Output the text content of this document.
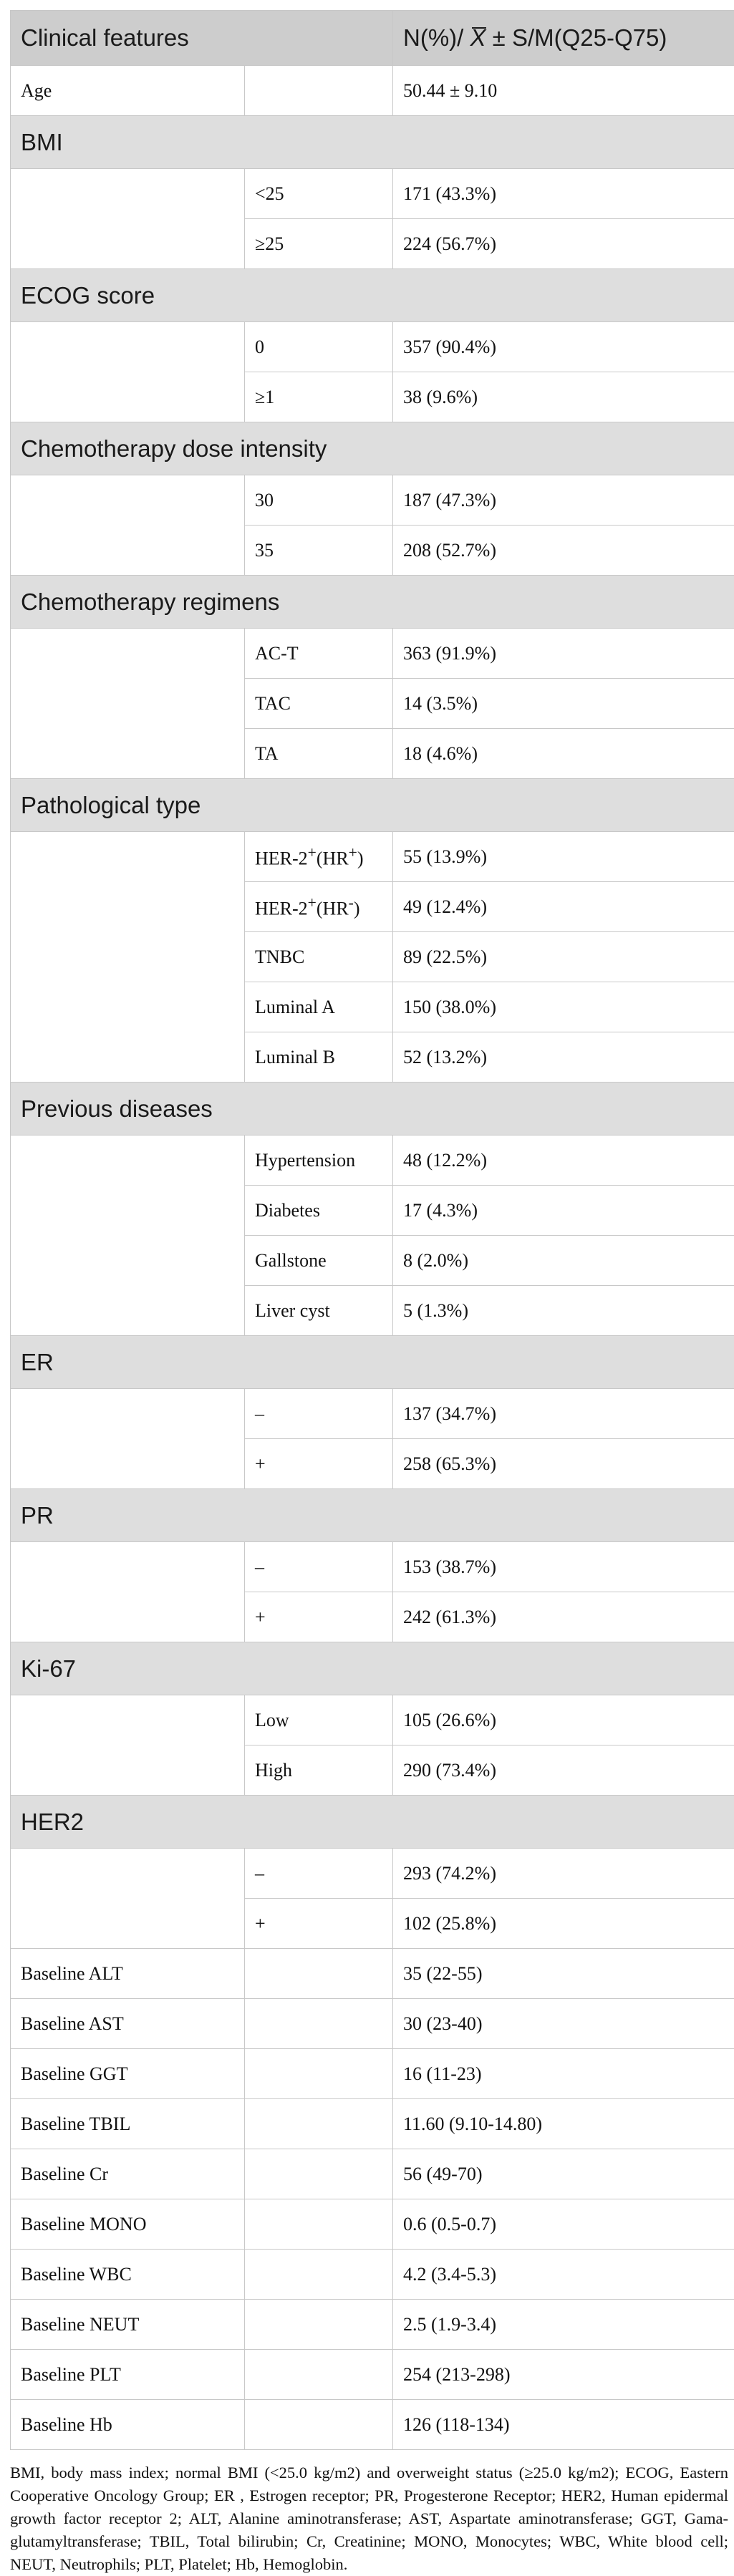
Clinical features		N(%)/ X ± S/M(Q25-Q75)
Age		50.44 ± 9.10
BMI		
	<25	171 (43.3%)
	≥25	224 (56.7%)
ECOG score		
	0	357 (90.4%)
	≥1	38 (9.6%)
Chemotherapy dose intensity		
	30	187 (47.3%)
	35	208 (52.7%)
Chemotherapy regimens		
	AC-T	363 (91.9%)
	TAC	14 (3.5%)
	TA	18 (4.6%)
Pathological type		
	HER-2+(HR+)	55 (13.9%)
	HER-2+(HR-)	49 (12.4%)
	TNBC	89 (22.5%)
	Luminal A	150 (38.0%)
	Luminal B	52 (13.2%)
Previous diseases		
	Hypertension	48 (12.2%)
	Diabetes	17 (4.3%)
	Gallstone	8 (2.0%)
	Liver cyst	5 (1.3%)
ER		
	–	137 (34.7%)
	+	258 (65.3%)
PR		
	–	153 (38.7%)
	+	242 (61.3%)
Ki-67		
	Low	105 (26.6%)
	High	290 (73.4%)
HER2		
	–	293 (74.2%)
	+	102 (25.8%)
Baseline ALT		35 (22-55)
Baseline AST		30 (23-40)
Baseline GGT		16 (11-23)
Baseline TBIL		11.60 (9.10-14.80)
Baseline Cr		56 (49-70)
Baseline MONO		0.6 (0.5-0.7)
Baseline WBC		4.2 (3.4-5.3)
Baseline NEUT		2.5 (1.9-3.4)
Baseline PLT		254 (213-298)
Baseline Hb		126 (118-134)
BMI, body mass index; normal BMI (<25.0 kg/m2) and overweight status (≥25.0 kg/m2); ECOG, Eastern Cooperative Oncology Group; ER , Estrogen receptor; PR, Progesterone Receptor; HER2, Human epidermal growth factor receptor 2; ALT, Alanine aminotransferase; AST, Aspartate aminotransferase; GGT, Gama-glutamyltransferase; TBIL, Total bilirubin; Cr, Creatinine; MONO, Monocytes; WBC, White blood cell; NEUT, Neutrophils; PLT, Platelet; Hb, Hemoglobin.
